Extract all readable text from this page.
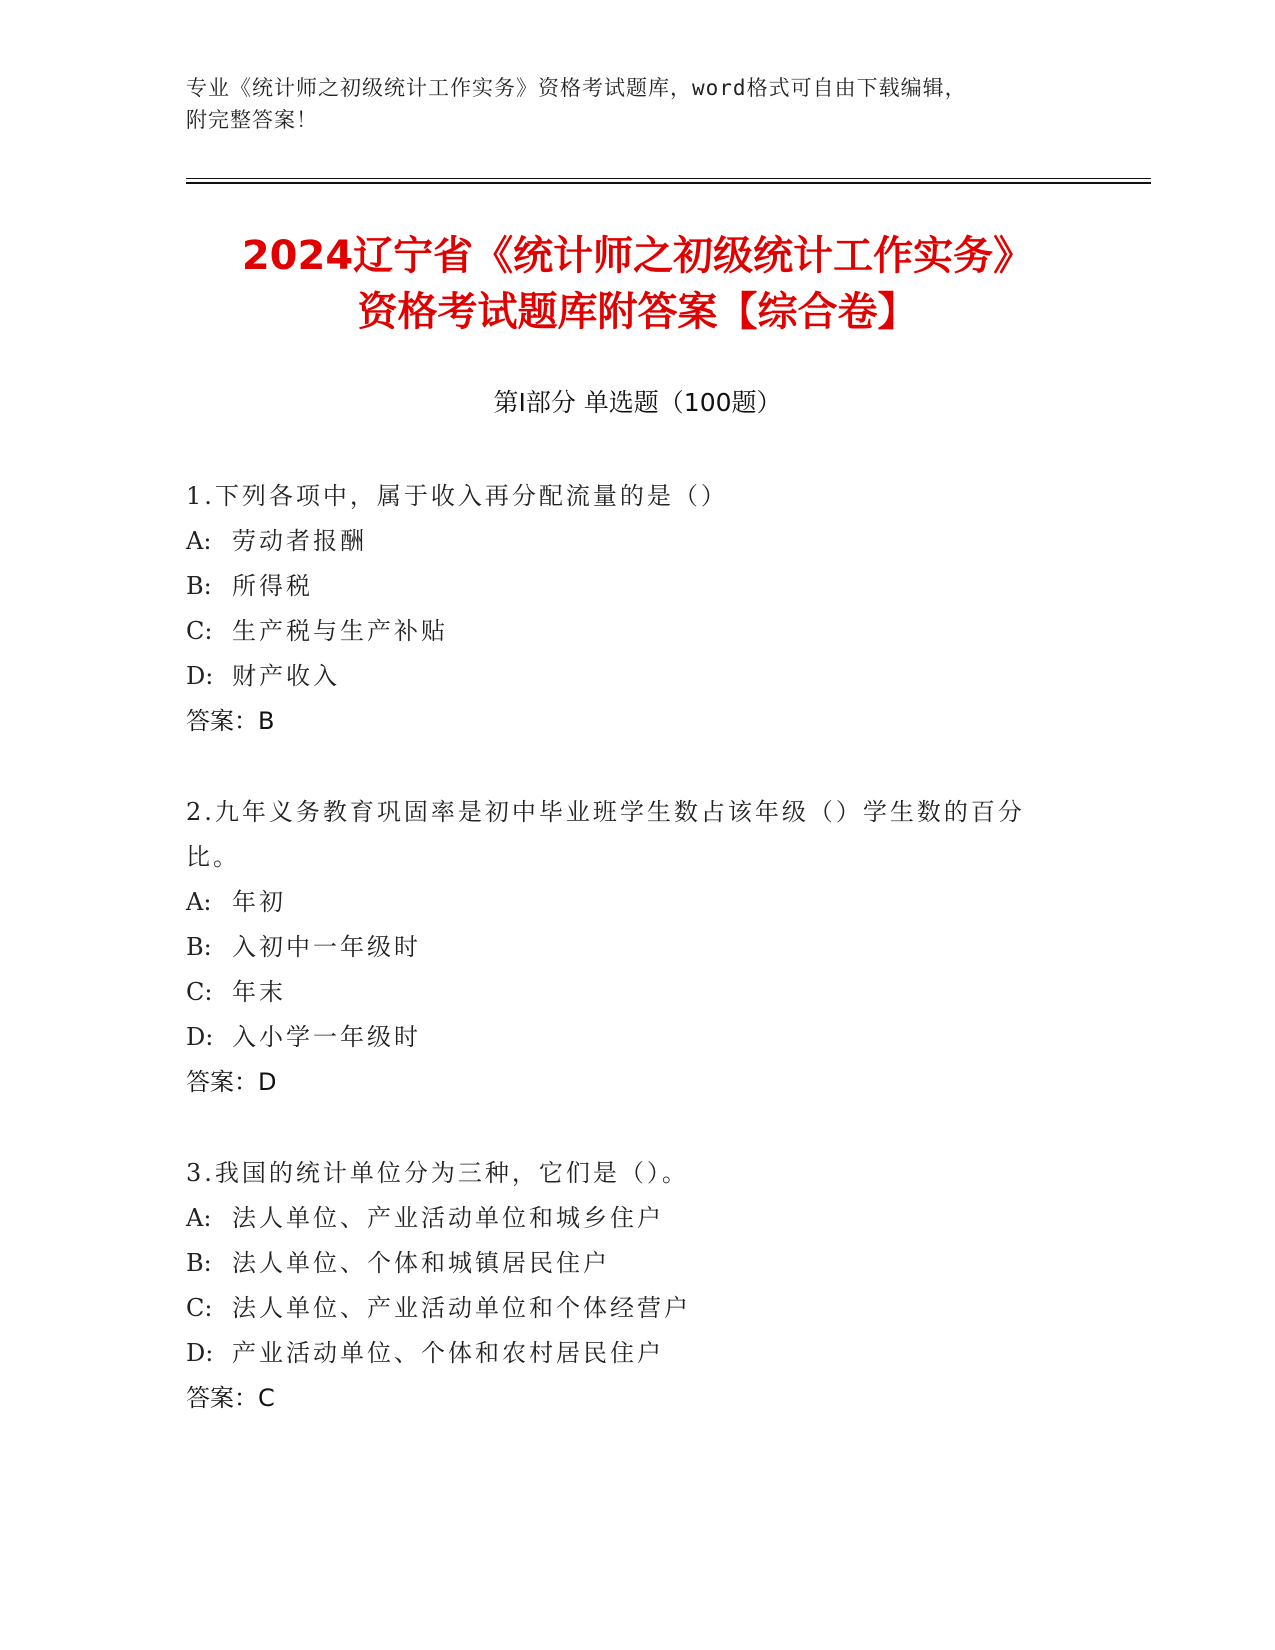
专业《统计师之初级统计工作实务》资格考试题库，word格式可自由下载编辑，
附完整答案！
2024辽宁省《统计师之初级统计工作实务》
资格考试题库附答案【综合卷】
第Ⅰ部分 单选题（100题）
1.下列各项中，属于收入再分配流量的是（）
A: 劳动者报酬
B: 所得税
C: 生产税与生产补贴
D: 财产收入
答案：B
2.九年义务教育巩固率是初中毕业班学生数占该年级（）学生数的百分比。
A: 年初
B: 入初中一年级时
C: 年末
D: 入小学一年级时
答案：D
3.我国的统计单位分为三种，它们是（）。
A: 法人单位、产业活动单位和城乡住户
B: 法人单位、个体和城镇居民住户
C: 法人单位、产业活动单位和个体经营户
D: 产业活动单位、个体和农村居民住户
答案：C
